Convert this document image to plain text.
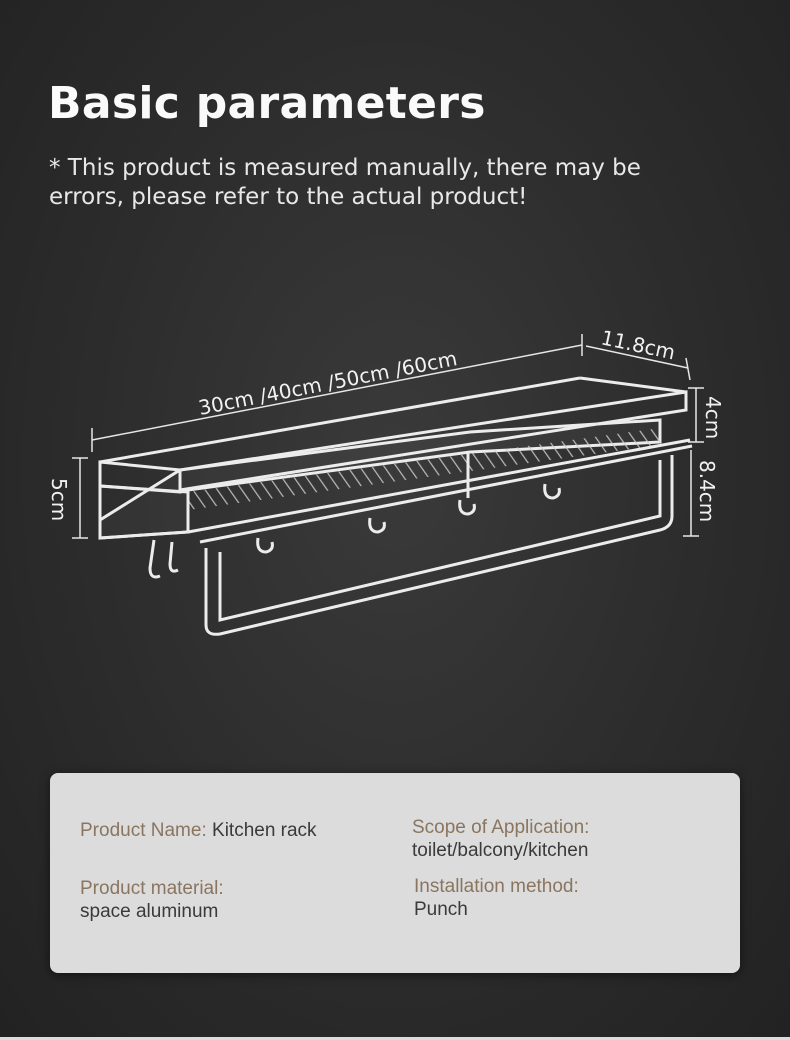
Basic parameters
* This product is measured manually, there may be errors, please refer to the actual product!
30cm /40cm /50cm /60cm
11.8cm
4cm
8.4cm
5cm
Product Name: Kitchen rack	Scope of Application:
toilet/balcony/kitchen
Product material:
space aluminum
Installation method:
Punch
